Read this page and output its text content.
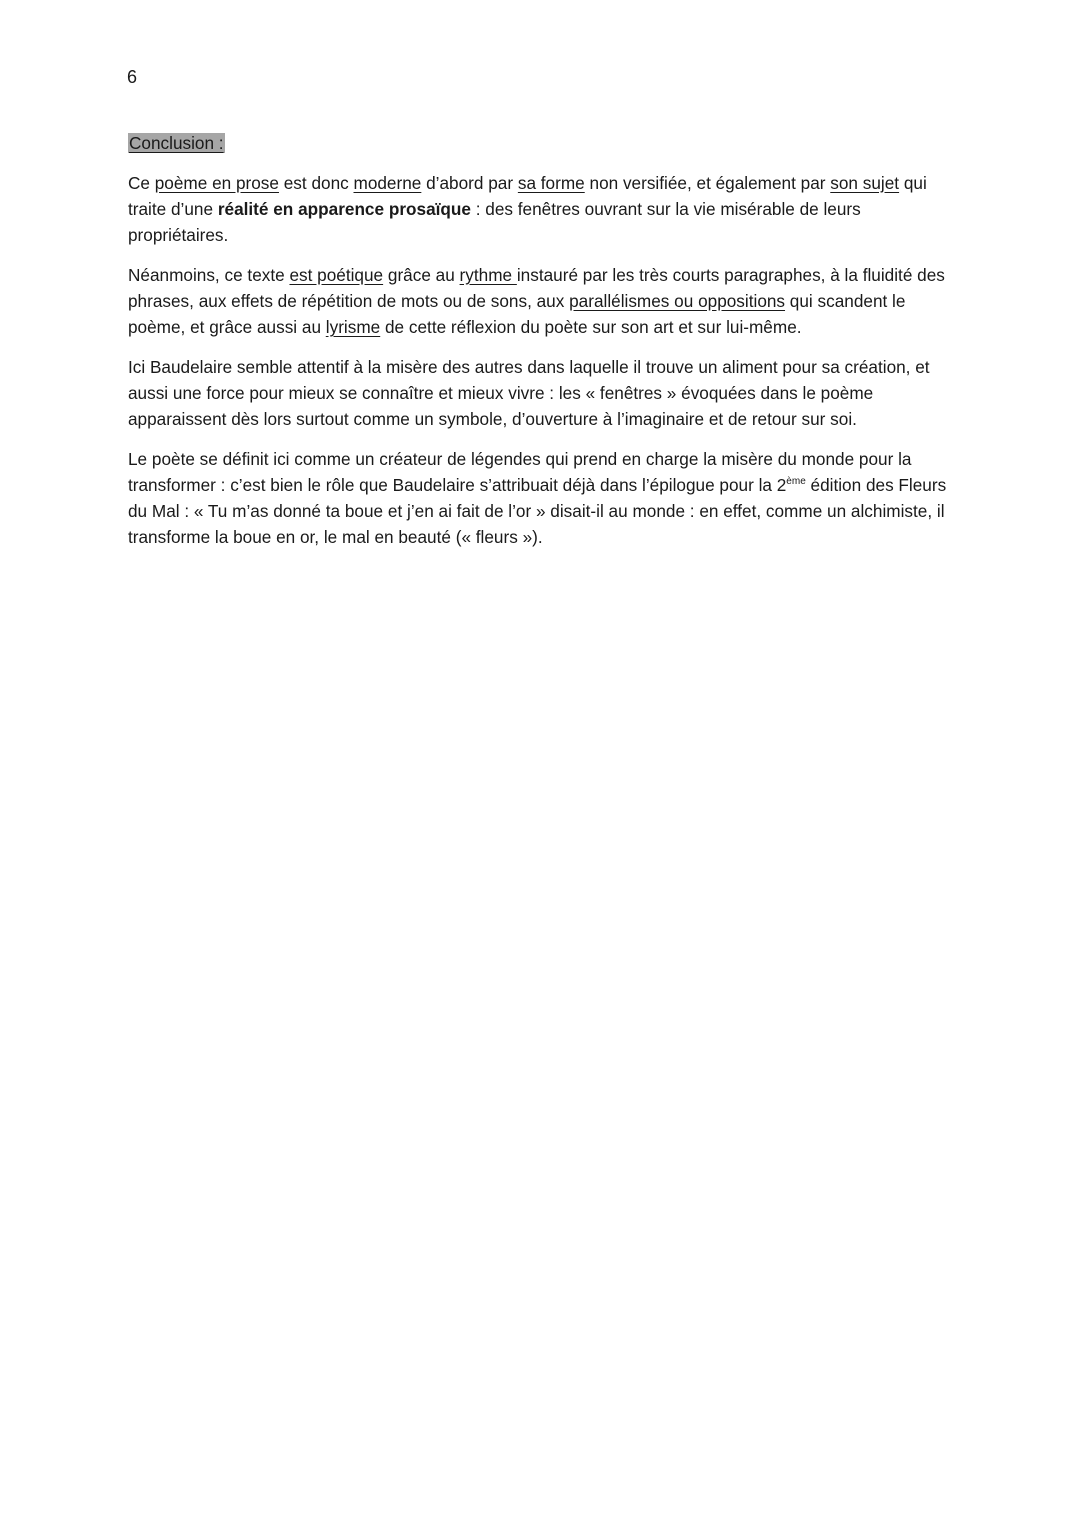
6
Conclusion :

Ce poème en prose est donc moderne d’abord par sa forme non versifiée, et également par son sujet qui traite d’une réalité en apparence prosaïque : des fenêtres ouvrant sur la vie misérable de leurs propriétaires.

Néanmoins, ce texte est poétique grâce au rythme instauré par les très courts paragraphes, à la fluidité des phrases, aux effets de répétition de mots ou de sons, aux parallélismes ou oppositions qui scandent le poème, et grâce aussi au lyrisme de cette réflexion du poète sur son art et sur lui-même.

Ici Baudelaire semble attentif à la misère des autres dans laquelle il trouve un aliment pour sa création, et aussi une force pour mieux se connaître et mieux vivre : les « fenêtres » évoquées dans le poème apparaissent dès lors surtout comme un symbole, d’ouverture à l’imaginaire et de retour sur soi.

Le poète se définit ici comme un créateur de légendes qui prend en charge la misère du monde pour la transformer : c’est bien le rôle que Baudelaire s’attribuait déjà dans l’épilogue pour la 2ème édition des Fleurs du Mal : « Tu m’as donné ta boue et j’en ai fait de l’or » disait-il au monde : en effet, comme un alchimiste, il transforme la boue en or, le mal en beauté (« fleurs »).
